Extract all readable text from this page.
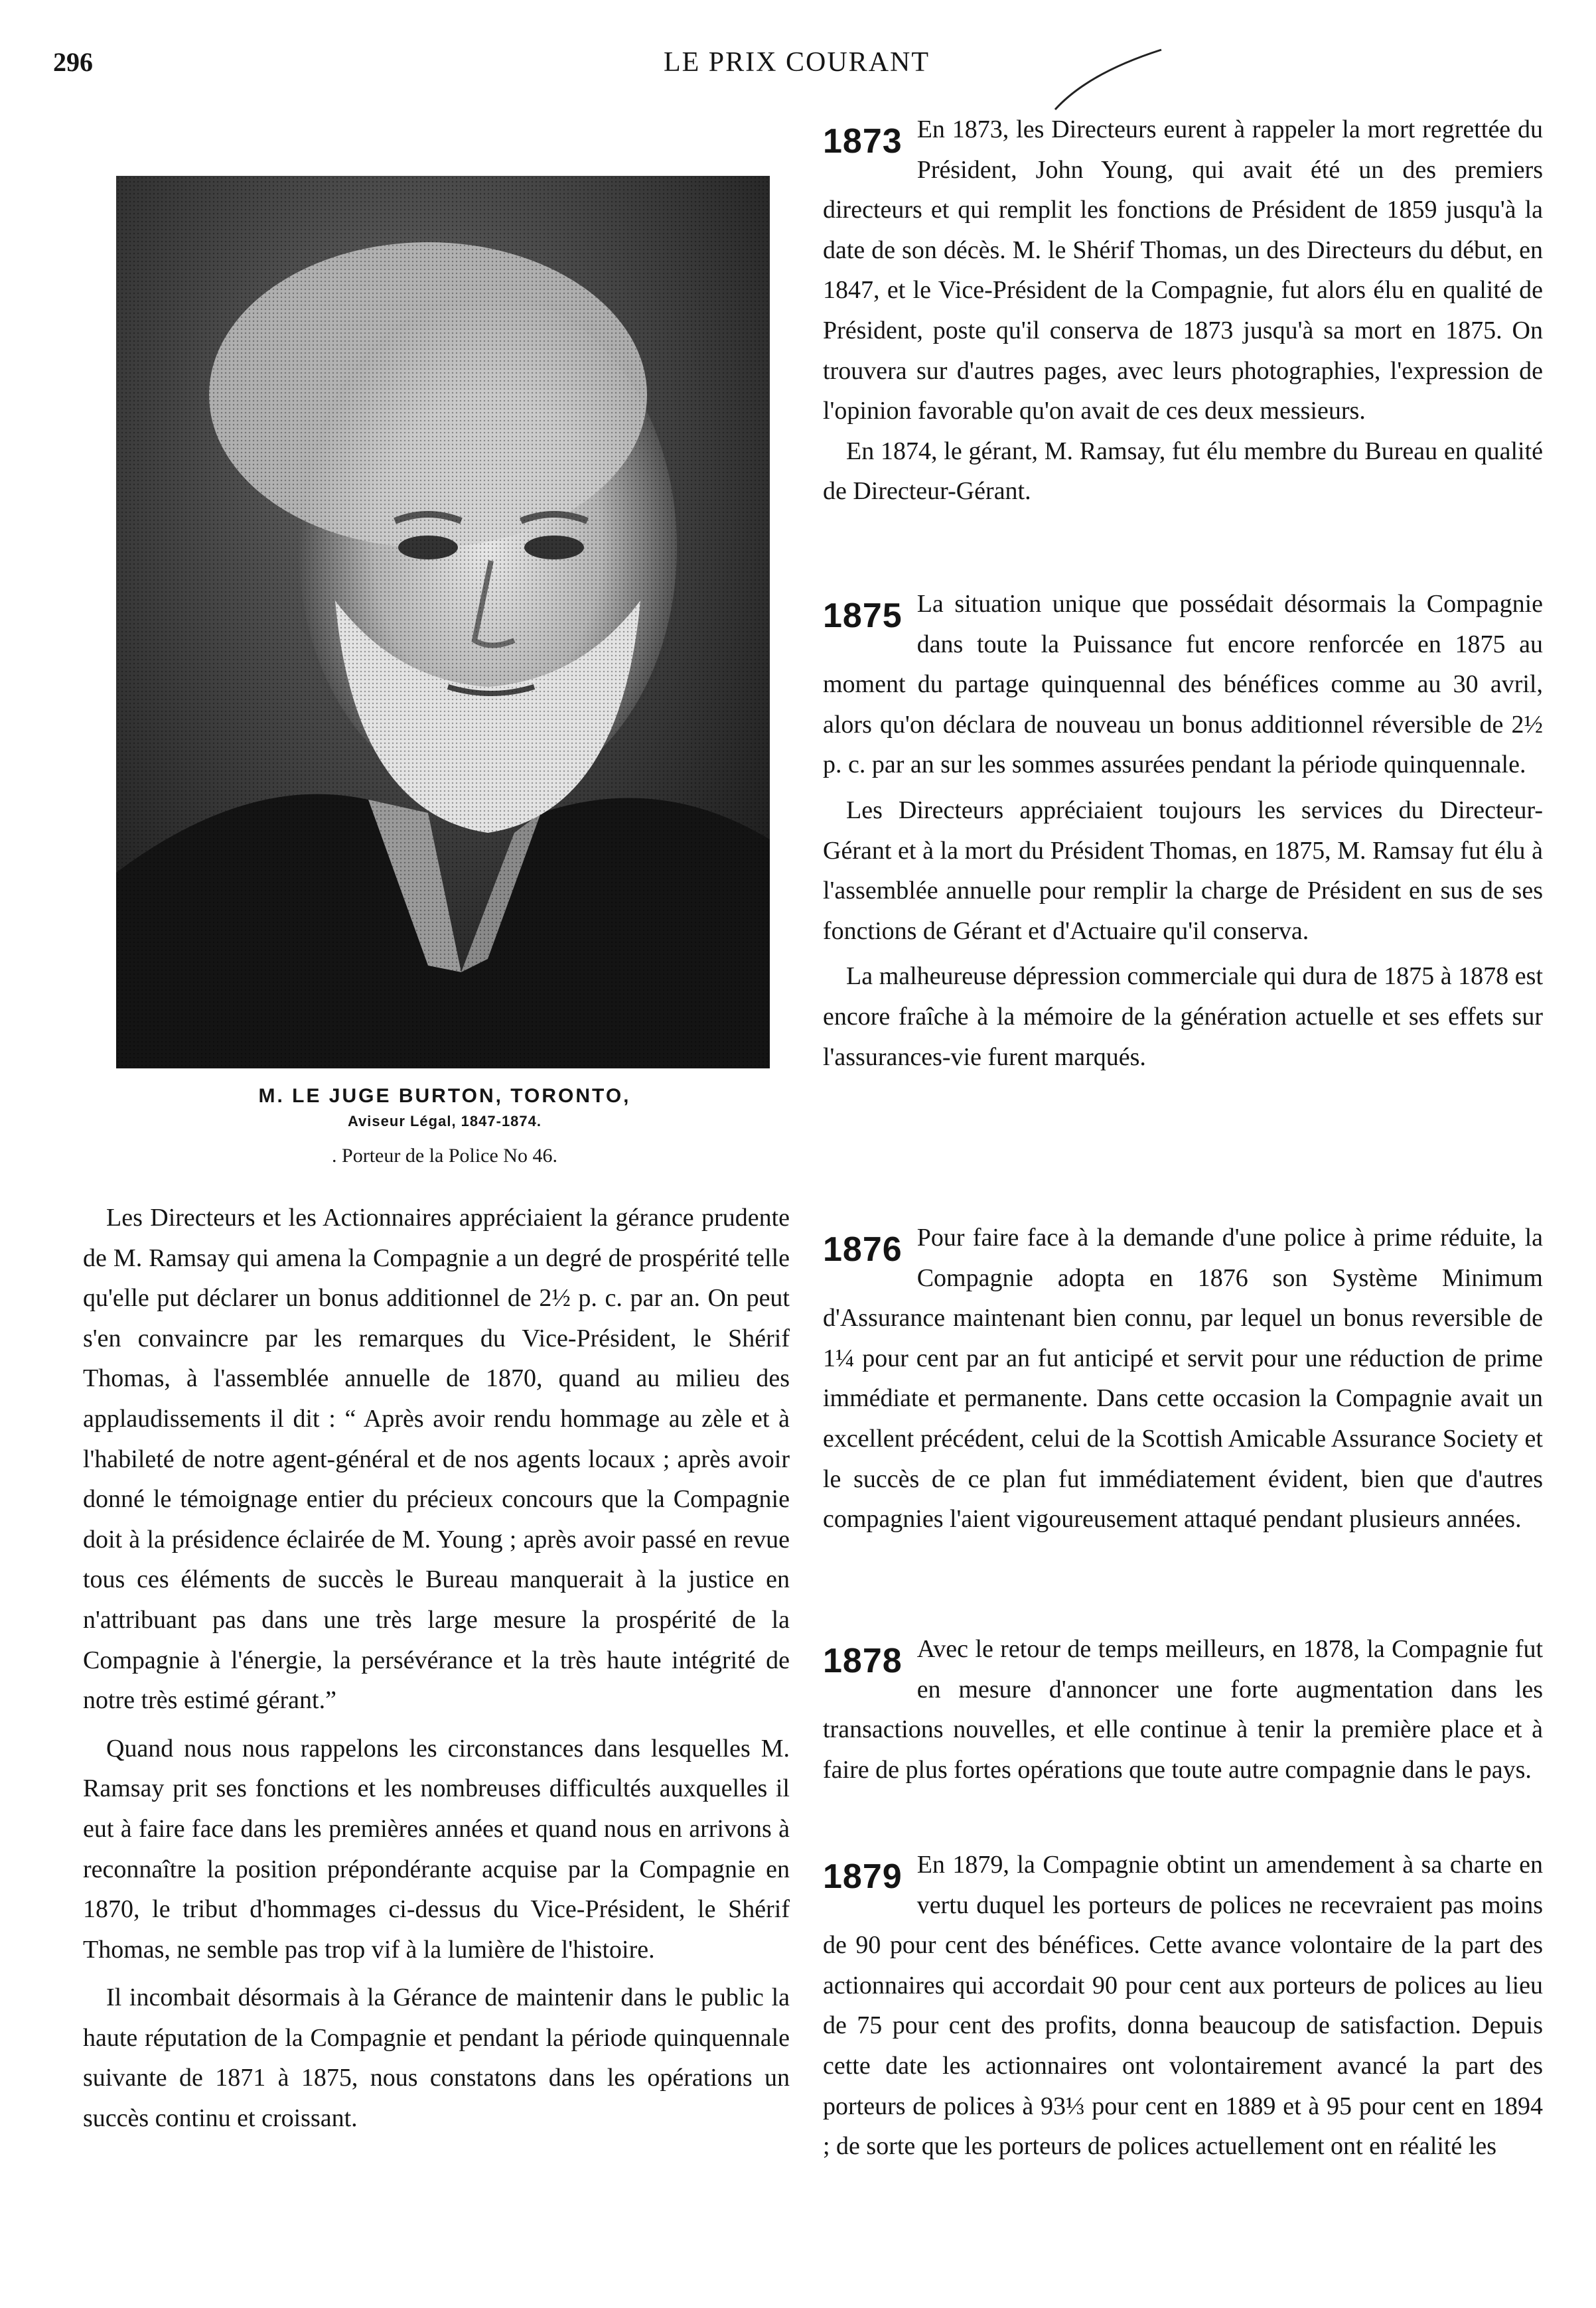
296	LE PRIX COURANT

M. LE JUGE BURTON, TORONTO,

Aviseur Légal, 1847-1874.

. Porteur de la Police No 46.

Les Directeurs et les Actionnaires appréciaient la gérance prudente de M. Ramsay qui amena la Compagnie a un degré de prospérité telle qu'elle put déclarer un bonus additionnel de 2½ p. c. par an. On peut s'en convaincre par les remarques du Vice-Président, le Shérif Thomas, à l'assemblée annuelle de 1870, quand au milieu des applaudissements il dit : “ Après avoir rendu hommage au zèle et à l'habileté de notre agent-général et de nos agents locaux ; après avoir donné le témoignage entier du précieux concours que la Compagnie doit à la présidence éclairée de M. Young ; après avoir passé en revue tous ces éléments de succès le Bureau manquerait à la justice en n'attribuant pas dans une très large mesure la prospérité de la Compagnie à l'énergie, la persévérance et la très haute intégrité de notre très estimé gérant.”

Quand nous nous rappelons les circonstances dans lesquelles M. Ramsay prit ses fonctions et les nombreuses difficultés auxquelles il eut à faire face dans les premières années et quand nous en arrivons à reconnaître la position prépondérante acquise par la Compagnie en 1870, le tribut d'hommages ci-dessus du Vice-Président, le Shérif Thomas, ne semble pas trop vif à la lumière de l'histoire.

Il incombait désormais à la Gérance de maintenir dans le public la haute réputation de la Compagnie et pendant la période quinquennale suivante de 1871 à 1875, nous constatons dans les opérations un succès continu et croissant.

1873 En 1873, les Directeurs eurent à rappeler la mort regrettée du Président, John Young, qui avait été un des premiers directeurs et qui remplit les fonctions de Président de 1859 jusqu'à la date de son décès. M. le Shérif Thomas, un des Directeurs du début, en 1847, et le Vice-Président de la Compagnie, fut alors élu en qualité de Président, poste qu'il conserva de 1873 jusqu'à sa mort en 1875. On trouvera sur d'autres pages, avec leurs photographies, l'expression de l'opinion favorable qu'on avait de ces deux messieurs.

En 1874, le gérant, M. Ramsay, fut élu membre du Bureau en qualité de Directeur-Gérant.

1875 La situation unique que possédait désormais la Compagnie dans toute la Puissance fut encore renforcée en 1875 au moment du partage quinquennal des bénéfices comme au 30 avril, alors qu'on déclara de nouveau un bonus additionnel réversible de 2½ p. c. par an sur les sommes assurées pendant la période quinquennale.

Les Directeurs appréciaient toujours les services du Directeur-Gérant et à la mort du Président Thomas, en 1875, M. Ramsay fut élu à l'assemblée annuelle pour remplir la charge de Président en sus de ses fonctions de Gérant et d'Actuaire qu'il conserva.

La malheureuse dépression commerciale qui dura de 1875 à 1878 est encore fraîche à la mémoire de la génération actuelle et ses effets sur l'assurances-vie furent marqués.

1876 Pour faire face à la demande d'une police à prime réduite, la Compagnie adopta en 1876 son Système Minimum d'Assurance maintenant bien connu, par lequel un bonus reversible de 1¼ pour cent par an fut anticipé et servit pour une réduction de prime immédiate et permanente. Dans cette occasion la Compagnie avait un excellent précédent, celui de la Scottish Amicable Assurance Society et le succès de ce plan fut immédiatement évident, bien que d'autres compagnies l'aient vigoureusement attaqué pendant plusieurs années.

1878 Avec le retour de temps meilleurs, en 1878, la Compagnie fut en mesure d'annoncer une forte augmentation dans les transactions nouvelles, et elle continue à tenir la première place et à faire de plus fortes opérations que toute autre compagnie dans le pays.

1879 En 1879, la Compagnie obtint un amendement à sa charte en vertu duquel les porteurs de polices ne recevraient pas moins de 90 pour cent des bénéfices. Cette avance volontaire de la part des actionnaires qui accordait 90 pour cent aux porteurs de polices au lieu de 75 pour cent des profits, donna beaucoup de satisfaction. Depuis cette date les actionnaires ont volontairement avancé la part des porteurs de polices à 93⅓ pour cent en 1889 et à 95 pour cent en 1894 ; de sorte que les porteurs de polices actuellement ont en réalité les
